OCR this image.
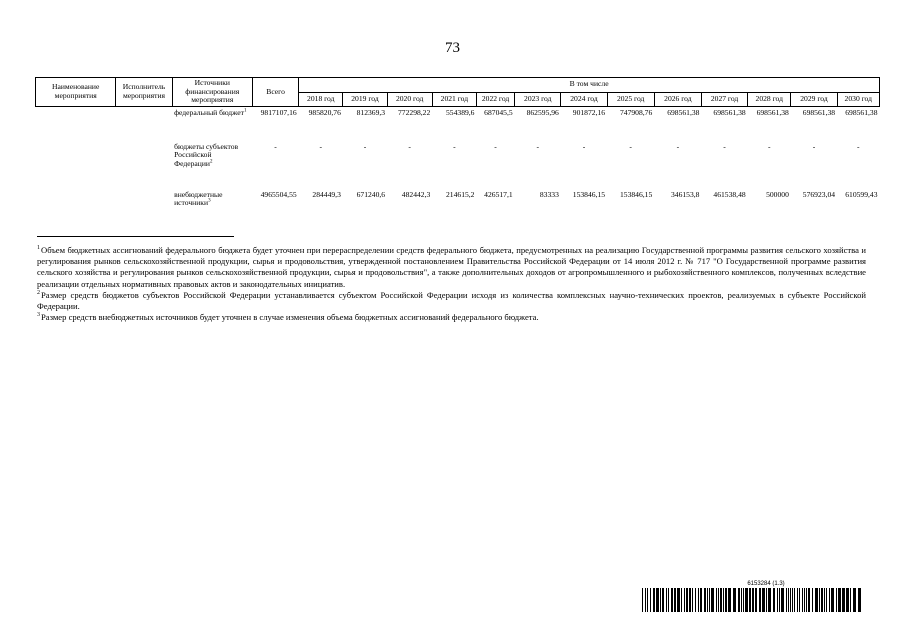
73
Наименование мероприятия	Исполнитель мероприятия	Источники финансирования мероприятия	Всего	В том числе												
				2018 год	2019 год	2020 год	2021 год	2022 год	2023 год	2024 год	2025 год	2026 год	2027 год	2028 год	2029 год	2030 год
		федеральный бюджет$^1$	9817107,16	985820,76	812369,3	772298,22	554389,6	687045,5	862595,96	901872,16	747908,76	698561,38	698561,38	698561,38	698561,38	698561,38
		бюджеты субъектов Российской Федерации$^2$	-	-	-	-	-	-	-	-	-	-	-	-	-	-
		внебюджетные источники$^3$	4965504,55	284449,3	671240,6	482442,3	214615,2	426517,1	83333	153846,15	153846,15	346153,8	461538,48	500000	576923,04	610599,43

$^1$Объем бюджетных ассигнований федерального бюджета будет уточнен при перераспределении средств федерального бюджета, предусмотренных на реализацию Государственной программы развития сельского хозяйства и регулирования рынков сельскохозяйственной продукции, сырья и продовольствия, утвержденной постановлением Правительства Российской Федерации от 14 июля 2012 г. № 717 "О Государственной программе развития сельского хозяйства и регулирования рынков сельскохозяйственной продукции, сырья и продовольствия", а также дополнительных доходов от агропромышленного и рыбохозяйственного комплексов, полученных вследствие реализации отдельных нормативных правовых актов и законодательных инициатив.

$^2$Размер средств бюджетов субъектов Российской Федерации устанавливается субъектом Российской Федерации исходя из количества комплексных научно-технических проектов, реализуемых в субъекте Российской Федерации.

$^3$Размер средств внебюджетных источников будет уточнен в случае изменения объема бюджетных ассигнований федерального бюджета.

6153284 (1.3)
